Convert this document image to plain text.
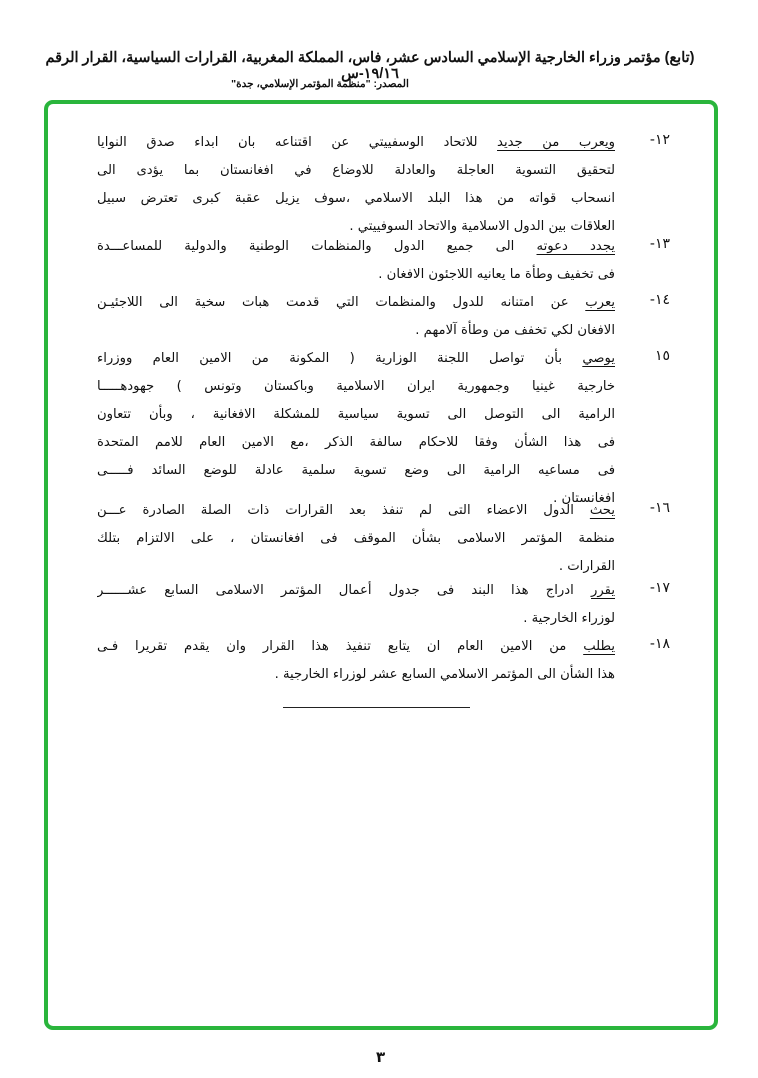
(تابع) مؤتمر وزراء الخارجية الإسلامي السادس عشر، فاس، المملكة المغربية، القرارات السياسية، القرار الرقم ١٩/١٦-س
المصدر: "منظمة المؤتمر الإسلامي، جدة"
١٢-
ويعرب من جديد للاتحاد الوسفييتي عن اقتناعه بان ابداء صدق النوايا
لتحقيق التسوية العاجلة والعادلة للاوضاع في افغانستان بما يؤدى الى
انسحاب قواته من هذا البلد الاسلامي ،سوف يزيل عقبة كبرى تعترض سبيل
العلاقات بين الدول الاسلامية والاتحاد السوفييتي .
١٣-
يجدد دعوته الى جميع الدول والمنظمات الوطنية والدولية للمساعـــدة
فى تخفيف وطأة ما يعانيه اللاجئون الافغان .
١٤-
يعرب عن امتنانه للدول والمنظمات التي قدمت هبات سخية الى اللاجئيـن
الافغان لكي تخفف من وطأة آلامهم .
١٥
يوصي بأن تواصل اللجنة الوزارية ( المكونة من الامين العام ووزراء
خارجية غينيا وجمهورية ايران الاسلامية وباكستان وتونس ) جهودهـــــا
الرامية الى التوصل الى تسوية سياسية للمشكلة الافغانية ، وبأن تتعاون
فى هذا الشأن وفقا للاحكام سالفة الذكر ،مع الامين العام للامم المتحدة
فى مساعيه الرامية الى وضع تسوية سلمية عادلة للوضع السائد فـــــى
افغانستان .
١٦-
يحث الدول الاعضاء التى لم تنفذ بعد القرارات ذات الصلة الصادرة عـــن
منظمة المؤتمر الاسلامى بشأن الموقف فى افغانستان ، على الالتزام بتلك
القرارات .
١٧-
يقرر ادراج هذا البند فى جدول أعمال المؤتمر الاسلامى السابع عشــــــر
لوزراء الخارجية .
١٨-
يطلب من الامين العام ان يتابع تنفيذ هذا القرار وان يقدم تقريرا فـى
هذا الشأن الى المؤتمر الاسلامي السابع عشر لوزراء الخارجية .
٣
